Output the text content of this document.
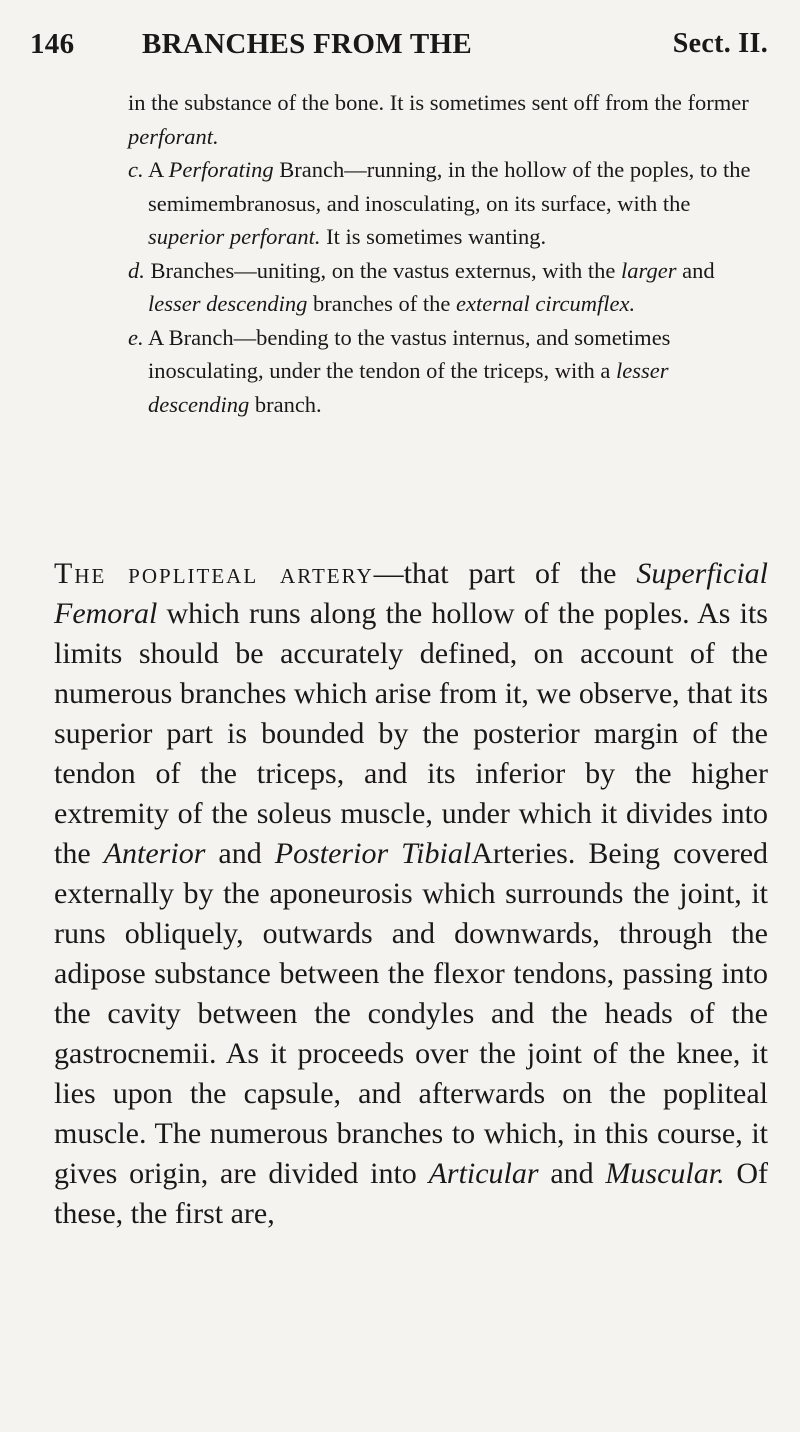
146 BRANCHES FROM THE	Sect. II.

in the substance of the bone. It is sometimes sent off from the former perforant.

c. A Perforating Branch—running, in the hollow of the poples, to the semimembranosus, and inosculating, on its surface, with the superior perforant. It is sometimes wanting.

d. Branches—uniting, on the vastus externus, with the larger and lesser descending branches of the external circumflex.

e. A Branch—bending to the vastus internus, and sometimes inosculating, under the tendon of the triceps, with a lesser descending branch.

The popliteal artery—that part of the Superficial Femoral which runs along the hollow of the poples. As its limits should be accurately defined, on account of the numerous branches which arise from it, we observe, that its superior part is bounded by the posterior margin of the tendon of the triceps, and its inferior by the higher extremity of the soleus muscle, under which it divides into the Anterior and Posterior TibialArteries. Being covered externally by the aponeurosis which surrounds the joint, it runs obliquely, outwards and downwards, through the adipose substance between the flexor tendons, passing into the cavity between the condyles and the heads of the gastrocnemii. As it proceeds over the joint of the knee, it lies upon the capsule, and afterwards on the popliteal muscle. The numerous branches to which, in this course, it gives origin, are divided into Articular and Muscular. Of these, the first are,
